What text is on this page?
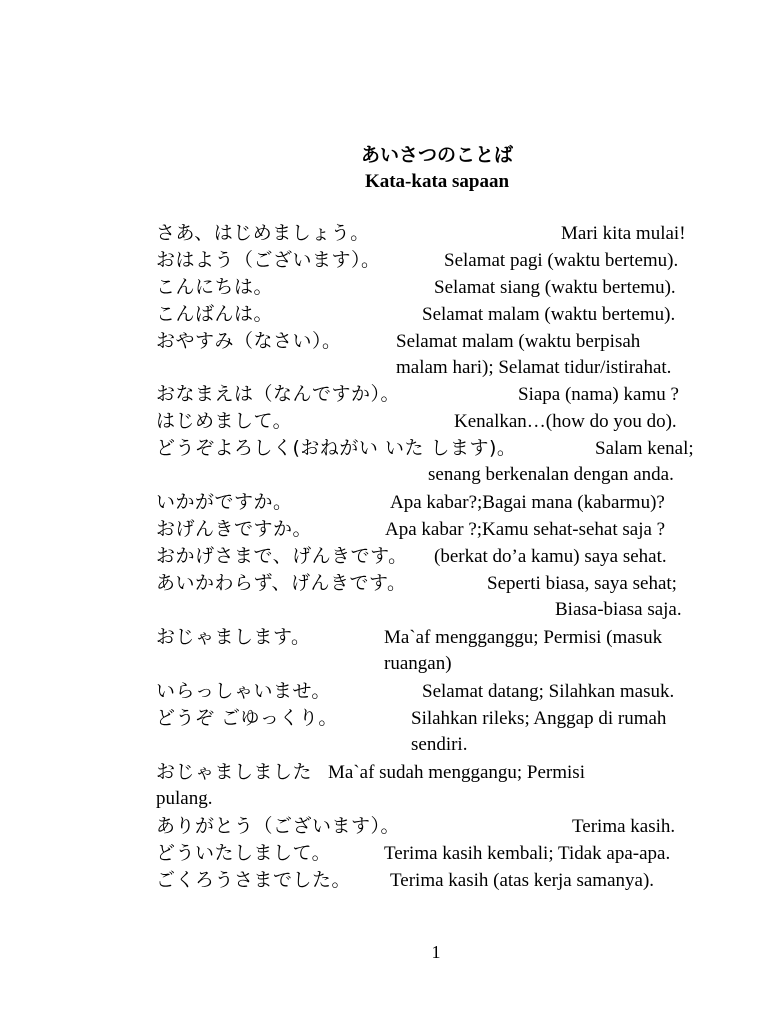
あいさつのことば
Kata-kata sapaan
さあ、はじめましょう。	Mari kita mulai!
おはよう（ございます）。	Selamat pagi (waktu bertemu).
こんにちは。	Selamat siang (waktu bertemu).
こんばんは。	Selamat malam (waktu bertemu).
おやすみ（なさい）。	Selamat malam (waktu berpisah
malam hari); Selamat tidur/istirahat.
おなまえは（なんですか）。	Siapa (nama) kamu ?
はじめまして。	Kenalkan…(how do you do).
どうぞよろしく(おねがい いた します)。	Salam kenal;
senang berkenalan dengan anda.
いかがですか。	Apa kabar?;Bagai mana (kabarmu)?
おげんきですか。	Apa kabar ?;Kamu sehat-sehat saja ?
おかげさまで、げんきです。 (berkat do’a kamu) saya sehat.
あいかわらず、げんきです。	Seperti biasa, saya sehat;
Biasa-biasa saja.
おじゃまします。	Ma`af mengganggu; Permisi (masuk
ruangan)
いらっしゃいませ。	Selamat datang; Silahkan masuk.
どうぞ ごゆっくり。	Silahkan rileks; Anggap di rumah
sendiri.
おじゃましました Ma`af sudah menggangu; Permisi
pulang.
ありがとう（ございます）。	Terima kasih.
どういたしまして。	Terima kasih kembali; Tidak apa-apa.
ごくろうさまでした。 Terima kasih (atas kerja samanya).
1
